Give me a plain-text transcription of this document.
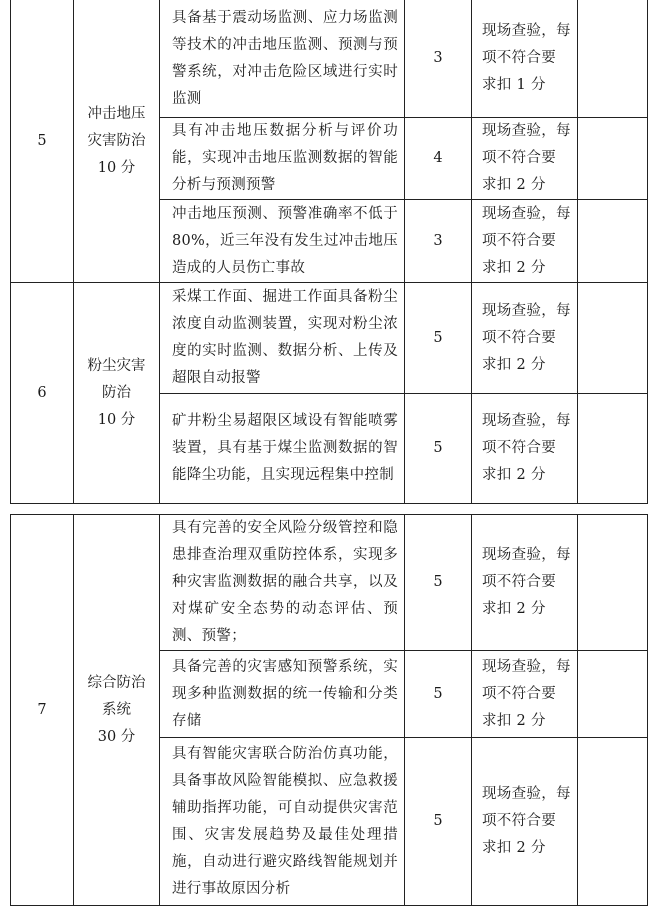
5	冲击地压
灾害防治
10 分	具备基于震动场监测、应力场监测等技术的冲击地压监测、预测与预警系统，对冲击危险区域进行实时监测	3	现场查验，每
项不符合要
求扣 1 分	

		具有冲击地压数据分析与评价功能，实现冲击地压监测数据的智能分析与预测预警	4	现场查验，每
项不符合要
求扣 2 分	

		冲击地压预测、预警准确率不低于 80%，近三年没有发生过冲击地压造成的人员伤亡事故	3	现场查验，每
项不符合要
求扣 2 分	

6	粉尘灾害
防治
10 分	采煤工作面、掘进工作面具备粉尘浓度自动监测装置，实现对粉尘浓度的实时监测、数据分析、上传及超限自动报警	5	现场查验，每
项不符合要
求扣 2 分	

		矿井粉尘易超限区域设有智能喷雾装置，具有基于煤尘监测数据的智能降尘功能，且实现远程集中控制	5	现场查验，每
项不符合要
求扣 2 分	

7	综合防治
系统
30 分	具有完善的安全风险分级管控和隐患排查治理双重防控体系，实现多种灾害监测数据的融合共享，以及对煤矿安全态势的动态评估、预测、预警；	5	现场查验，每
项不符合要
求扣 2 分	

		具备完善的灾害感知预警系统，实现多种监测数据的统一传输和分类存储	5	现场查验，每
项不符合要
求扣 2 分	

		具有智能灾害联合防治仿真功能，具备事故风险智能模拟、应急救援辅助指挥功能，可自动提供灾害范围、灾害发展趋势及最佳处理措施，自动进行避灾路线智能规划并进行事故原因分析	5	现场查验，每
项不符合要
求扣 2 分	
